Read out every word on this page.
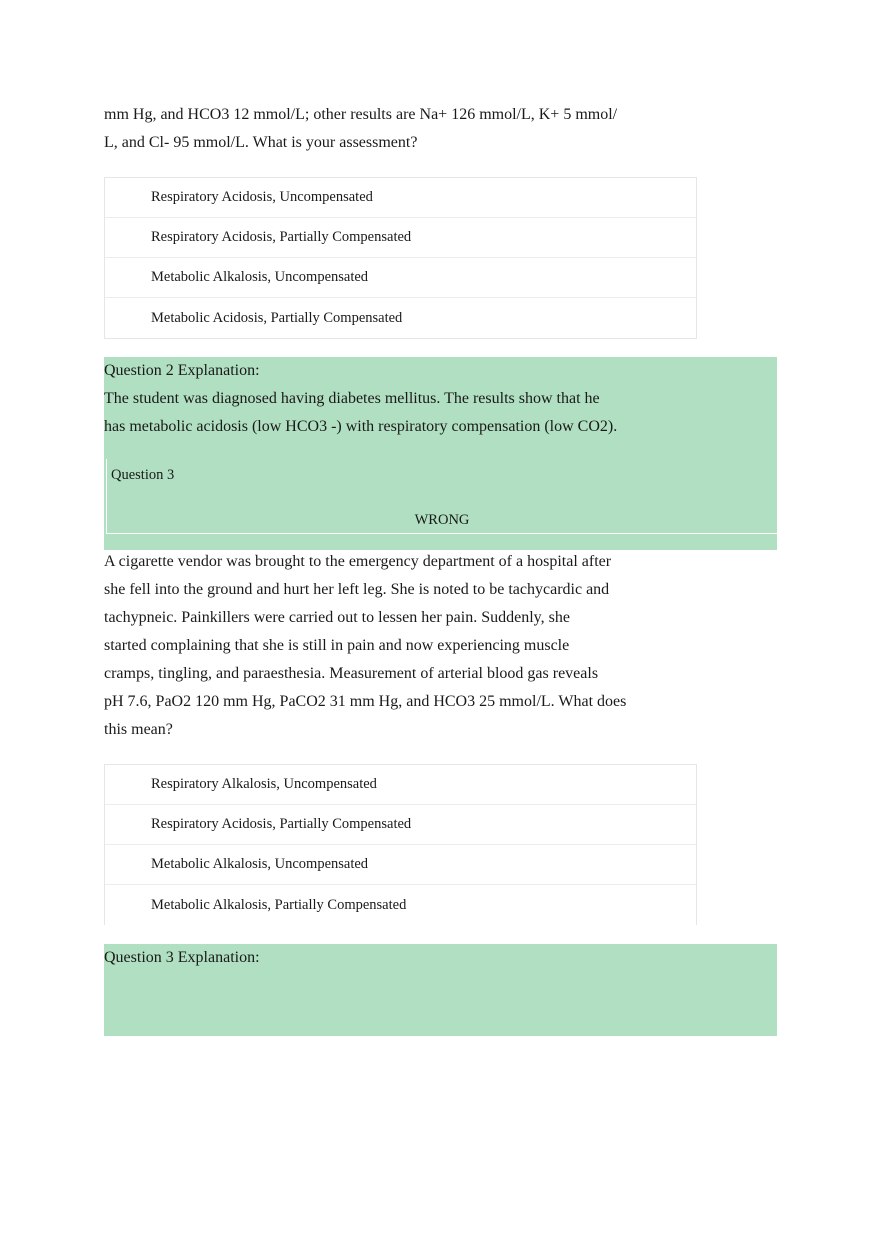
mm Hg, and HCO3 12 mmol/L; other results are Na+ 126 mmol/L, K+ 5 mmol/
L, and Cl- 95 mmol/L. What is your assessment?
Respiratory Acidosis, Uncompensated
Respiratory Acidosis, Partially Compensated
Metabolic Alkalosis, Uncompensated
Metabolic Acidosis, Partially Compensated
Question 2 Explanation:
The student was diagnosed having diabetes mellitus. The results show that he
has metabolic acidosis (low HCO3 -) with respiratory compensation (low CO2).
Question 3
WRONG
A cigarette vendor was brought to the emergency department of a hospital after
she fell into the ground and hurt her left leg. She is noted to be tachycardic and
tachypneic. Painkillers were carried out to lessen her pain. Suddenly, she
started complaining that she is still in pain and now experiencing muscle
cramps, tingling, and paraesthesia. Measurement of arterial blood gas reveals
pH 7.6, PaO2 120 mm Hg, PaCO2 31 mm Hg, and HCO3 25 mmol/L. What does
this mean?
Respiratory Alkalosis, Uncompensated
Respiratory Acidosis, Partially Compensated
Metabolic Alkalosis, Uncompensated
Metabolic Alkalosis, Partially Compensated
Question 3 Explanation:
